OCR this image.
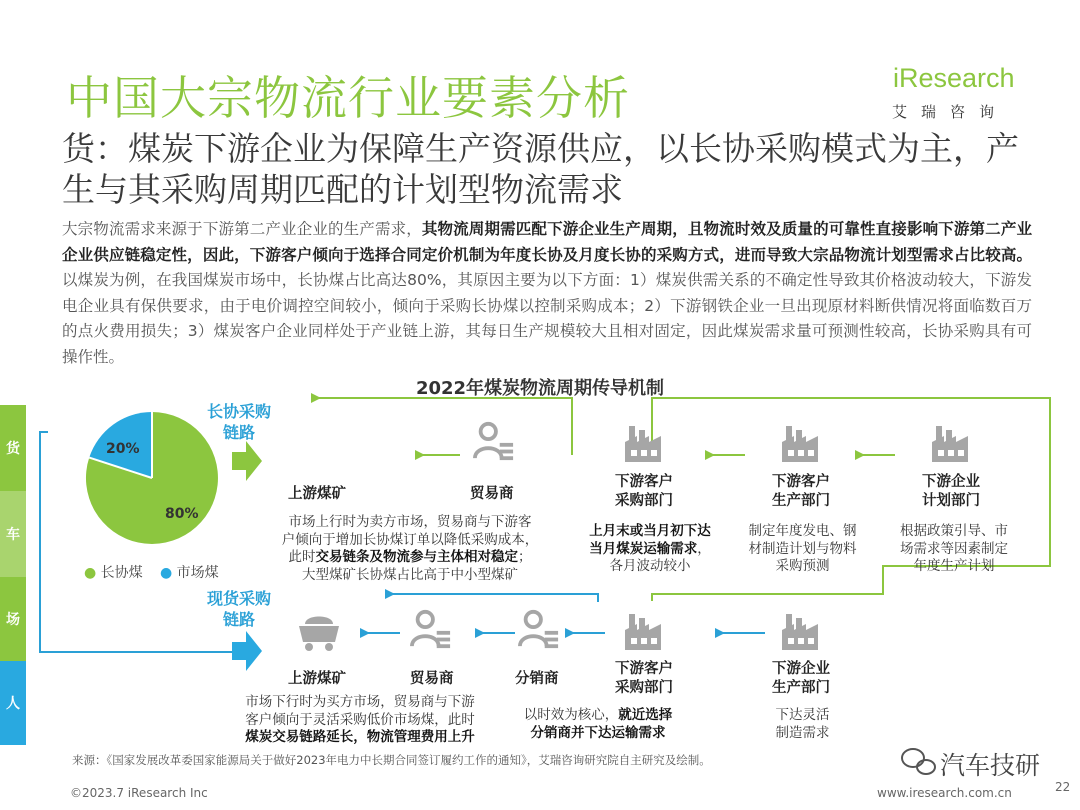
中国大宗物流行业要素分析	iResearch
艾瑞咨询
货：煤炭下游企业为保障生产资源供应，以长协采购模式为主，产生与其采购周期匹配的计划型物流需求
大宗物流需求来源于下游第二产业企业的生产需求，其物流周期需匹配下游企业生产周期，且物流时效及质量的可靠性直接影响下游第二产业企业供应链稳定性，因此，下游客户倾向于选择合同定价机制为年度长协及月度长协的采购方式，进而导致大宗品物流计划型需求占比较高。以煤炭为例，在我国煤炭市场中，长协煤占比高达80%，其原因主要为以下方面：1）煤炭供需关系的不确定性导致其价格波动较大，下游发电企业具有保供要求，由于电价调控空间较小，倾向于采购长协煤以控制采购成本；2）下游钢铁企业一旦出现原材料断供情况将面临数百万的点火费用损失；3）煤炭客户企业同样处于产业链上游，其每日生产规模较大且相对固定，因此煤炭需求量可预测性较高，长协采购具有可操作性。
2022年煤炭物流周期传导机制
货
车
场
人
20%
80%
● 长协煤 ● 市场煤
长协采购
链路
现货采购
链路
上游煤矿	贸易商
下游客户
采购部门
下游客户
生产部门
下游企业
计划部门
市场上行时为卖方市场，贸易商与下游客
户倾向于增加长协煤订单以降低采购成本，
此时交易链条及物流参与主体相对稳定；
大型煤矿长协煤占比高于中小型煤矿
上月末或当月初下达
当月煤炭运输需求，
各月波动较小
制定年度发电、钢
材制造计划与物料
采购预测
根据政策引导、市
场需求等因素制定
年度生产计划
上游煤矿	贸易商	分销商
下游客户
采购部门
下游企业
生产部门
市场下行时为买方市场，贸易商与下游
客户倾向于灵活采购低价市场煤，此时
煤炭交易链路延长，物流管理费用上升
以时效为核心，就近选择
分销商并下达运输需求
下达灵活
制造需求
来源：《国家发展改革委国家能源局关于做好2023年电力中长期合同签订履约工作的通知》，艾瑞咨询研究院自主研究及绘制。	汽车技研
©2023.7 iResearch Inc	www.iresearch.com.cn	22
